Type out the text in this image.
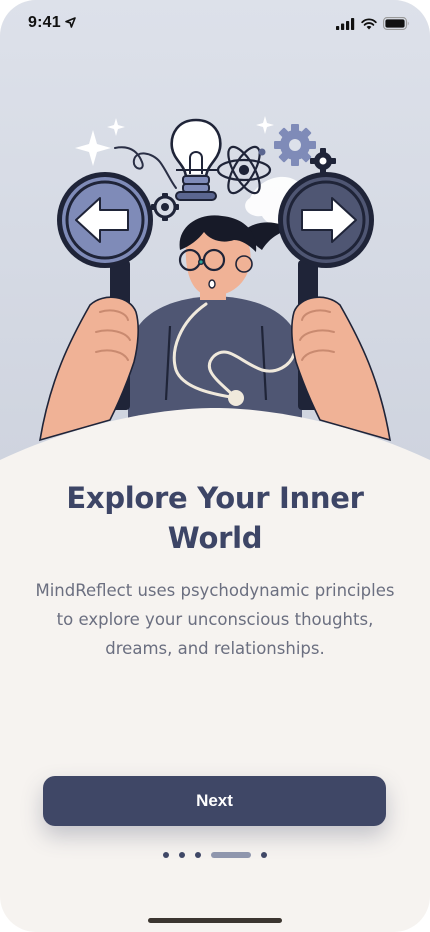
9:41
Explore Your Inner World

MindReflect uses psychodynamic principles to explore your unconscious thoughts, dreams, and relationships.

Next
